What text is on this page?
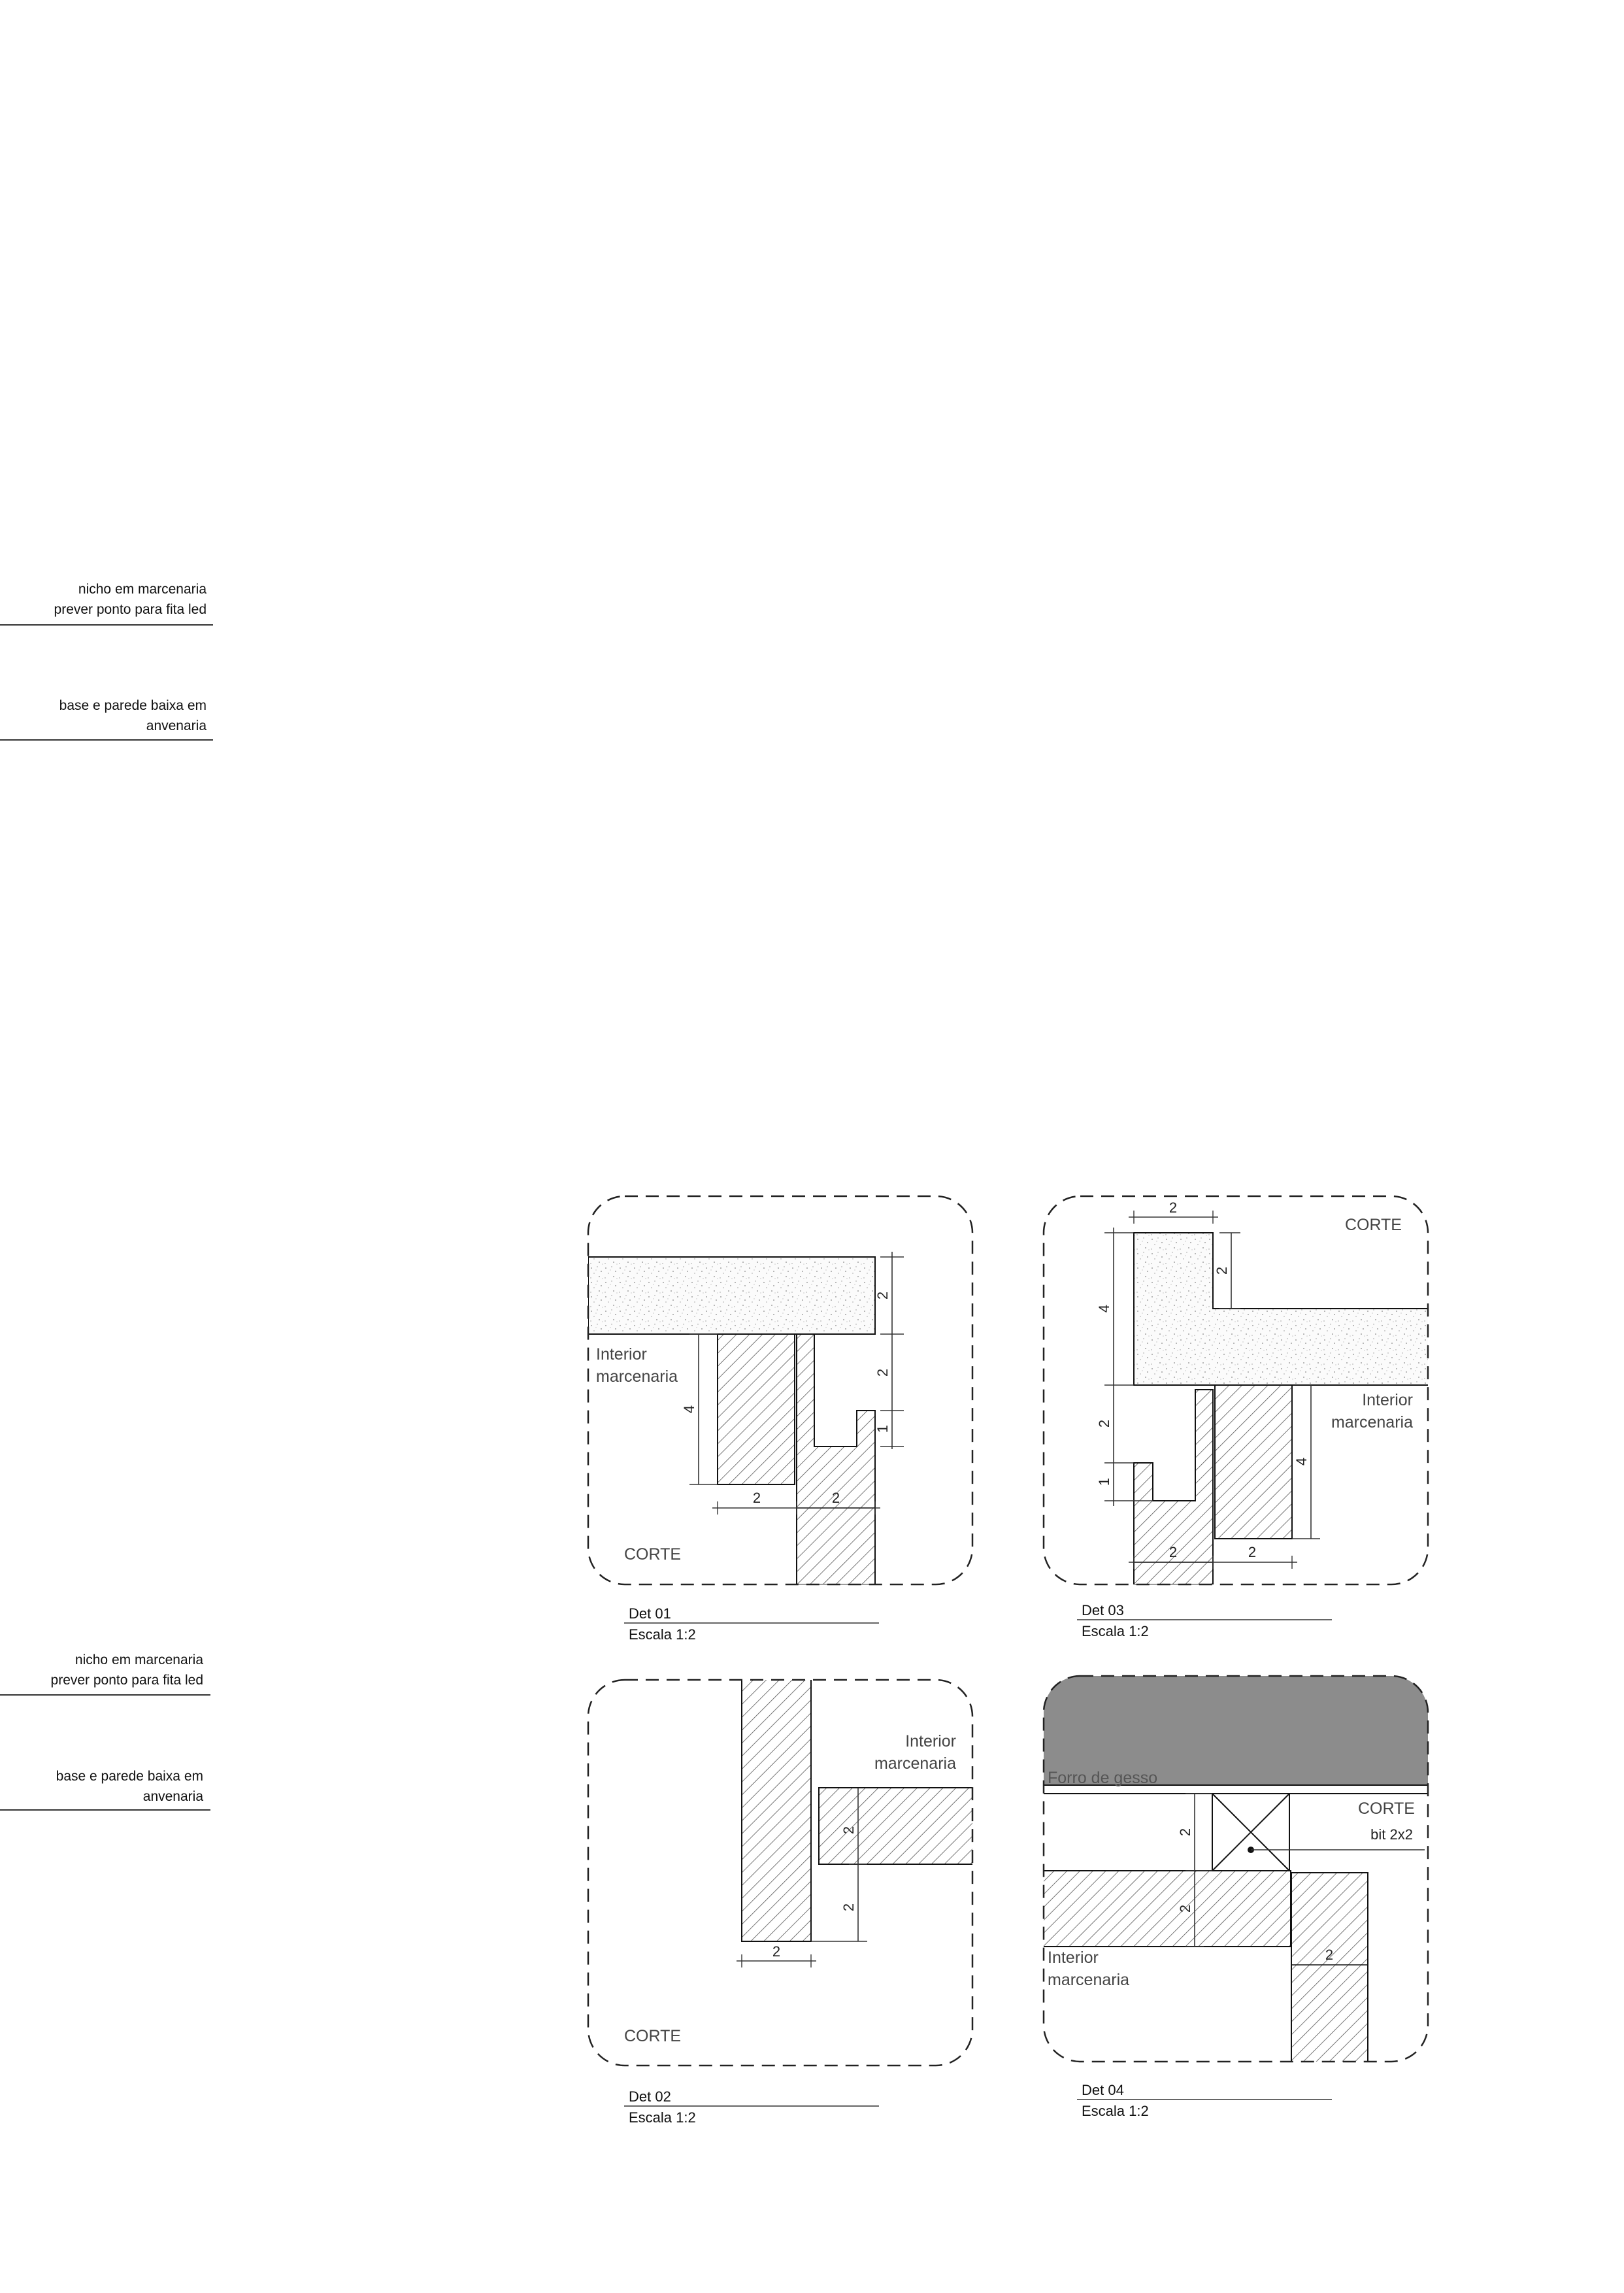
nicho em marcenaria
prever ponto para fita led
base e parede baixa em
anvenaria
nicho em marcenaria
prever ponto para fita led
base e parede baixa em
anvenaria
2
2
1
4
2	2
Interior
marcenaria
CORTE
Det 01
Escala 1:2
2
2
2
Interior
marcenaria
CORTE
Det 02
Escala 1:2
2
2
4
2
1
4
2	2
CORTE
Interior
marcenaria
Det 03
Escala 1:2
2
2
2
Forro de gesso
CORTE
bit 2x2
Interior
marcenaria
Det 04
Escala 1:2
